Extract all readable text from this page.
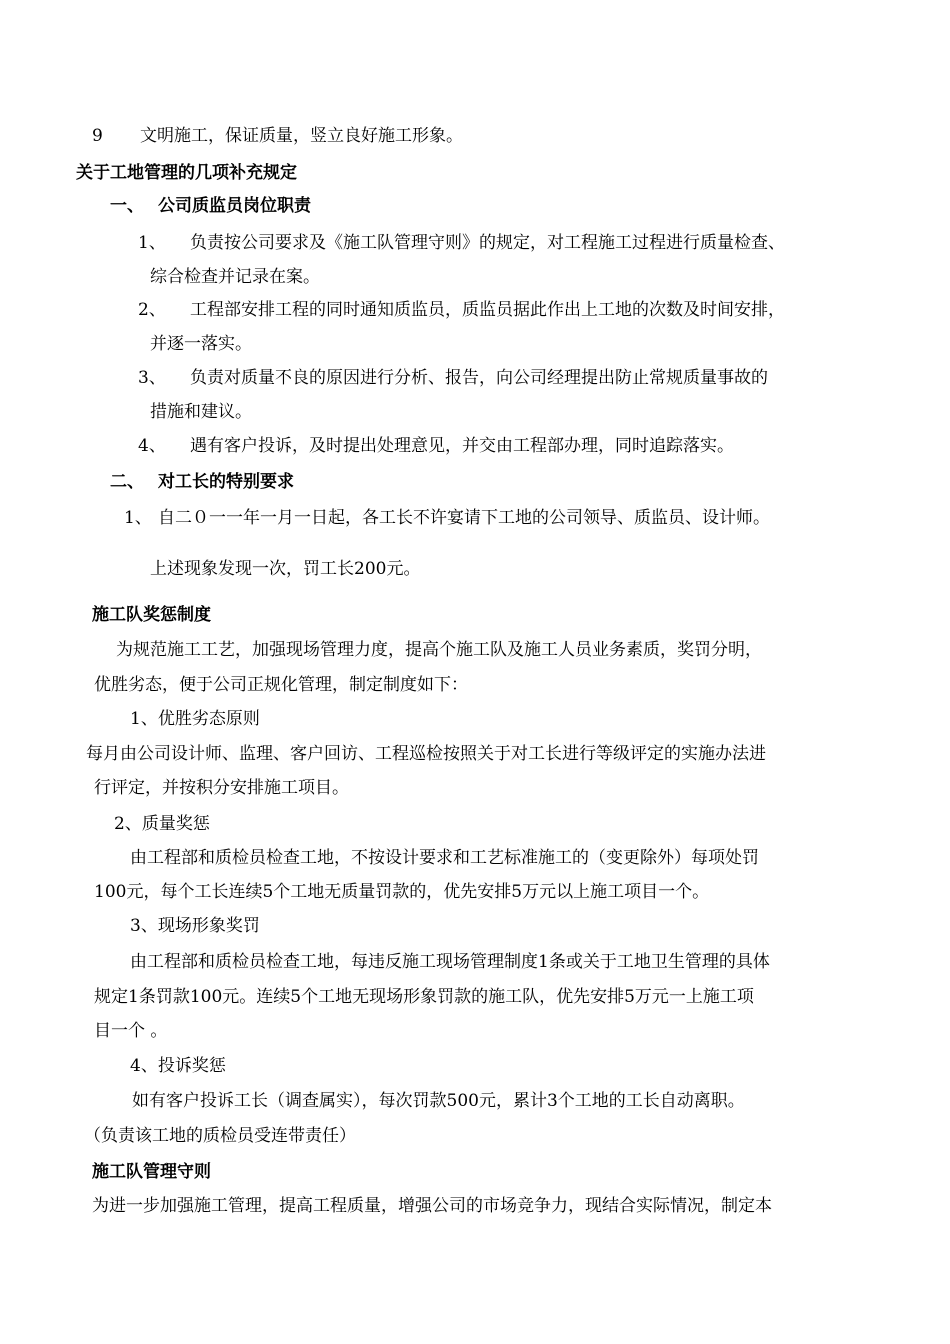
9 文明施工，保证质量，竖立良好施工形象。
关于工地管理的几项补充规定
一、 公司质监员岗位职责
1、 负责按公司要求及《施工队管理守则》的规定，对工程施工过程进行质量检查、
综合检查并记录在案。
2、 工程部安排工程的同时通知质监员，质监员据此作出上工地的次数及时间安排，
并逐一落实。
3、 负责对质量不良的原因进行分析、报告，向公司经理提出防止常规质量事故的
措施和建议。
4、 遇有客户投诉，及时提出处理意见，并交由工程部办理，同时追踪落实。
二、 对工长的特别要求
1、 自二０一一年一月一日起，各工长不许宴请下工地的公司领导、质监员、设计师。
上述现象发现一次，罚工长200元。
施工队奖惩制度
为规范施工工艺，加强现场管理力度，提高个施工队及施工人员业务素质，奖罚分明，
优胜劣态，便于公司正规化管理，制定制度如下：
1、优胜劣态原则
每月由公司设计师、监理、客户回访、工程巡检按照关于对工长进行等级评定的实施办法进
行评定，并按积分安排施工项目。
2、质量奖惩
由工程部和质检员检查工地，不按设计要求和工艺标准施工的（变更除外）每项处罚
100元，每个工长连续5个工地无质量罚款的，优先安排5万元以上施工项目一个。
3、现场形象奖罚
由工程部和质检员检查工地，每违反施工现场管理制度1条或关于工地卫生管理的具体
规定1条罚款100元。连续5个工地无现场形象罚款的施工队，优先安排5万元一上施工项
目一个 。
4、投诉奖惩
如有客户投诉工长（调查属实），每次罚款500元，累计3个工地的工长自动离职。
（负责该工地的质检员受连带责任）
施工队管理守则
为进一步加强施工管理，提高工程质量，增强公司的市场竞争力，现结合实际情况，制定本
